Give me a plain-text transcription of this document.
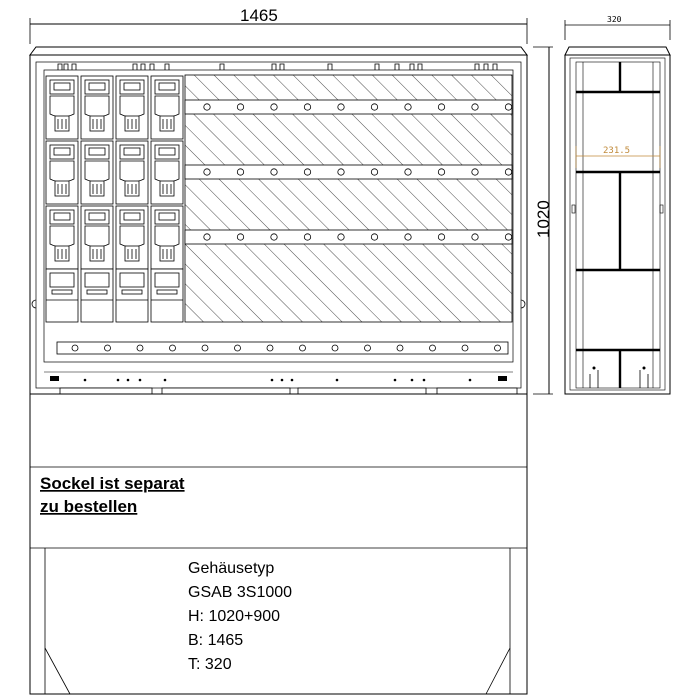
1465
1020
320
231.5
Sockel ist separat
zu bestellen
Gehäusetyp
GSAB 3S1000
H: 1020+900
B: 1465
T: 320
